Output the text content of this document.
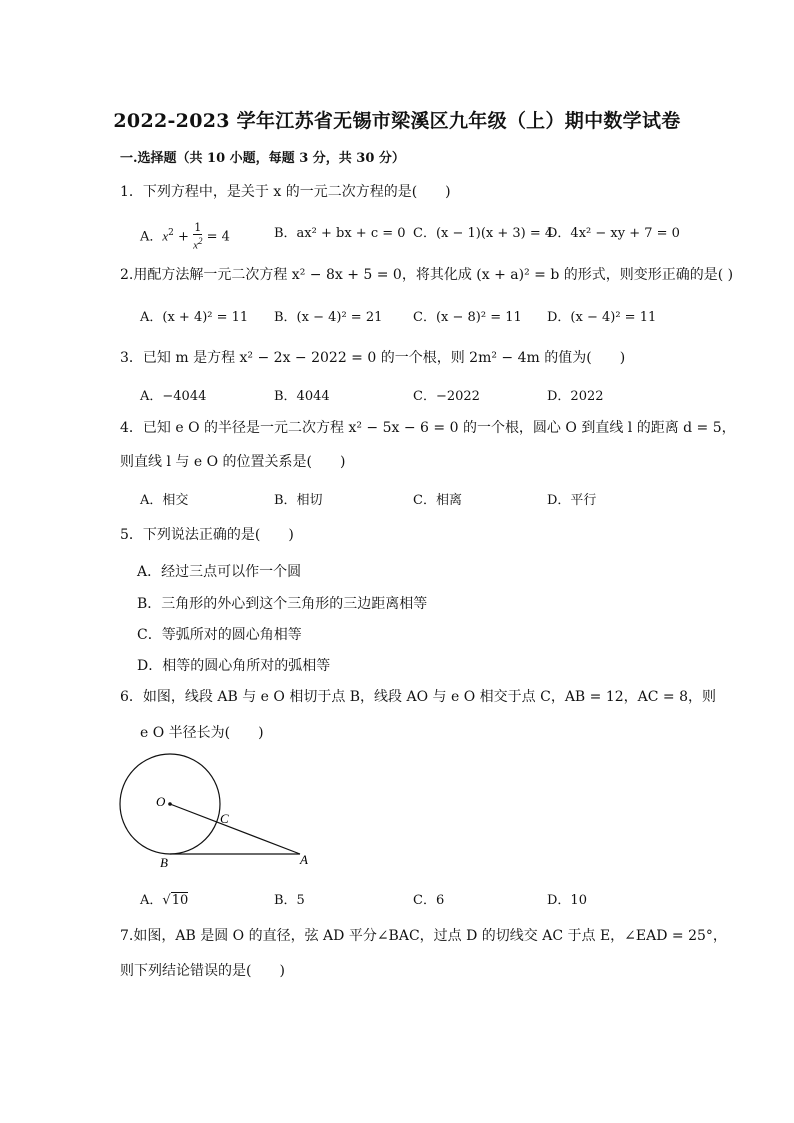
2022-2023 学年江苏省无锡市梁溪区九年级（上）期中数学试卷
一.选择题（共 10 小题，每题 3 分，共 30 分）
1．下列方程中，是关于 x 的一元二次方程的是(　　)
A．$x^2 + \frac{1}{x^2} = 4$	B．ax² + bx + c = 0 C．(x − 1)(x + 3) = 4
D．4x² − xy + 7 = 0
2.用配方法解一元二次方程 x² − 8x + 5 = 0，将其化成 (x + a)² = b 的形式，则变形正确的是( )
A．(x + 4)² = 11 B．(x − 4)² = 21 C．(x − 8)² = 11 D．(x − 4)² = 11
3．已知 m 是方程 x² − 2x − 2022 = 0 的一个根，则 2m² − 4m 的值为(　　)
A．−4044	B．4044	C．−2022	D．2022
4．已知 e O 的半径是一元二次方程 x² − 5x − 6 = 0 的一个根，圆心 O 到直线 l 的距离 d = 5，
则直线 l 与 e O 的位置关系是(　　)
A．相交	B．相切	C．相离	D．平行
5．下列说法正确的是(　　)
A．经过三点可以作一个圆
B．三角形的外心到这个三角形的三边距离相等
C．等弧所对的圆心角相等
D．相等的圆心角所对的弧相等
6．如图，线段 AB 与 e O 相切于点 B，线段 AO 与 e O 相交于点 C，AB = 12，AC = 8，则
e O 半径长为(　　)
O
C
B	A
A．√10	B．5	C．6	D．10
7.如图，AB 是圆 O 的直径，弦 AD 平分∠BAC，过点 D 的切线交 AC 于点 E，∠EAD = 25°，
则下列结论错误的是(　　)
